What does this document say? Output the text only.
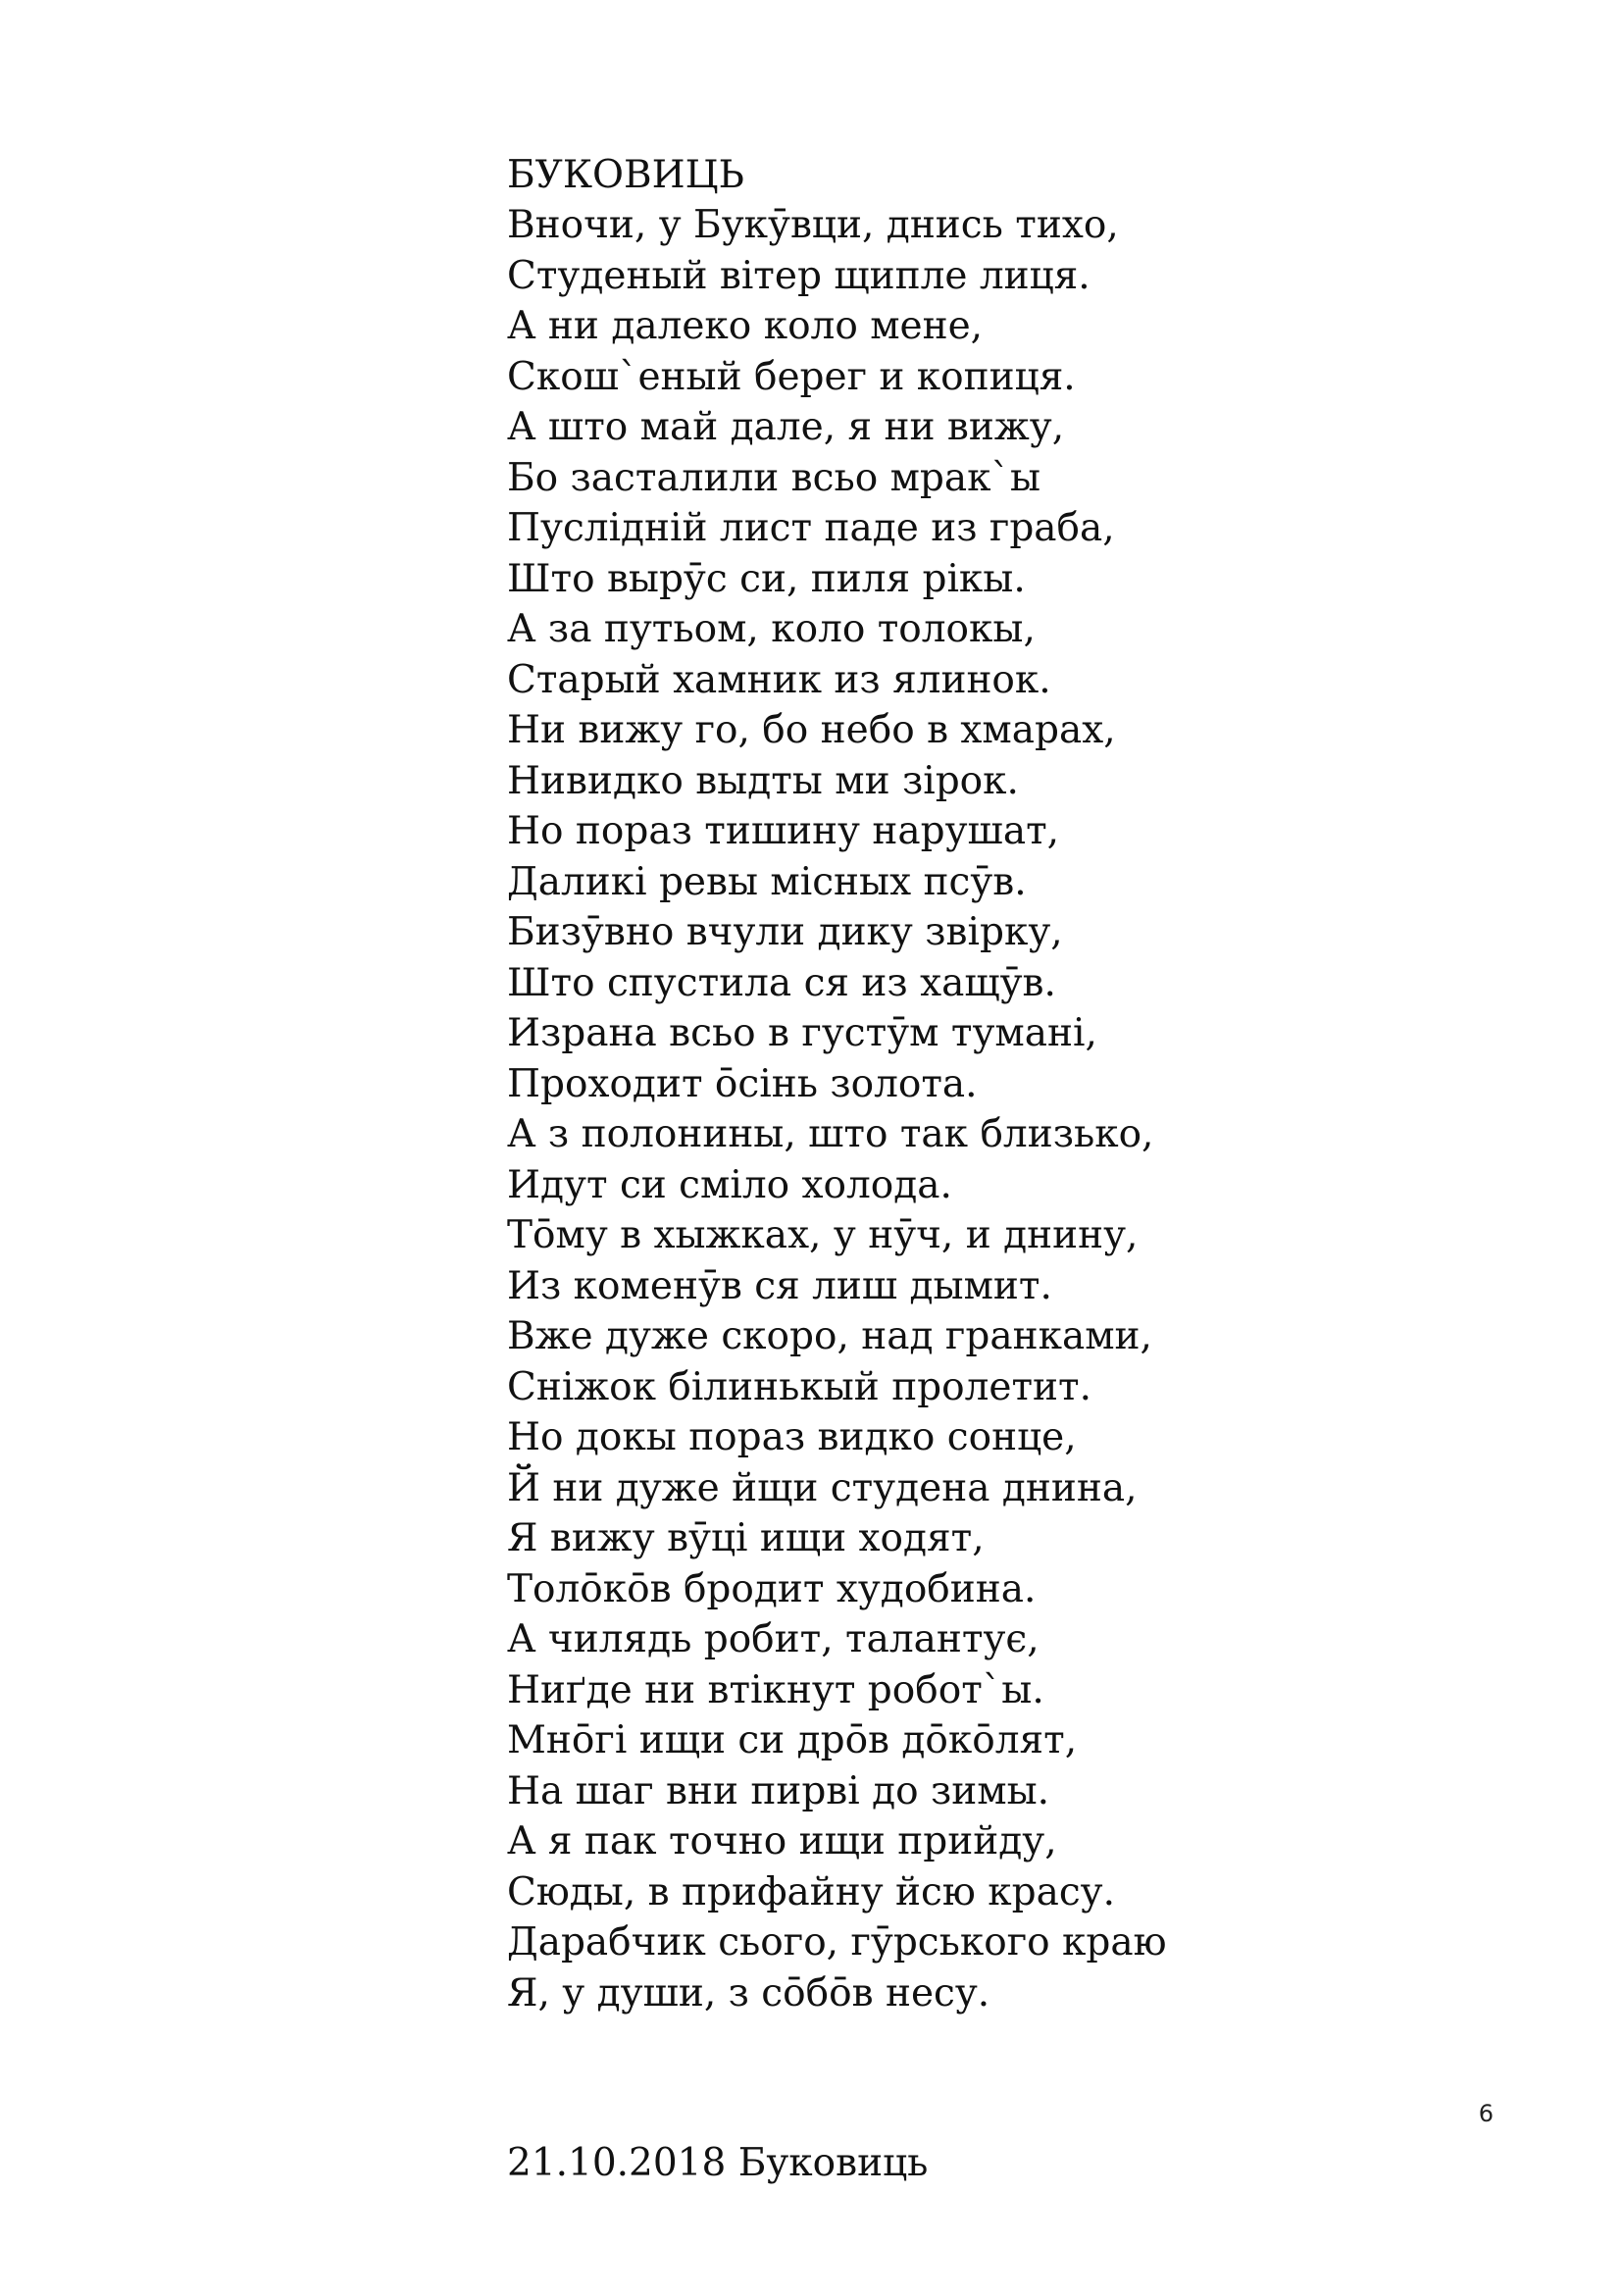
БУКОВИЦЬ
Вночи, у Букӯвци, днись тихо,
Студеный вітер щипле лиця.
А ни далеко коло мене,
Скош`еный берег и копиця.
А што май дале, я ни вижу,
Бо засталили всьо мрак`ы
Пуслідній лист паде из граба,
Што вырӯс си, пиля рікы.
А за путьом, коло толокы,
Старый хамник из ялинок.
Ни вижу го, бо небо в хмарах,
Нивидко выдты ми зірок.
Но пораз тишину нарушат,
Даликі ревы місных псӯв.
Бизӯвно вчули дику звірку,
Што спустила ся из хащӯв.
Израна всьо в густӯм тумані,
Проходит ōсінь золота.
А з полонины, што так близько,
Идут си сміло холода.
Тōму в хыжках, у нӯч, и днину,
Из коменӯв ся лиш дымит.
Вже дуже скоро, над гранками,
Сніжок білинькый пролетит.
Но докы пораз видко сонце,
Й ни дуже йщи студена днина,
Я вижу вӯці ищи ходят,
Толōкōв бродит худобина.
А чилядь робит, талантує,
Ниґде ни втікнут робот`ы.
Мнōгі ищи си дрōв дōкōлят,
На шаг вни пирві до зимы.
А я пак точно ищи прийду,
Сюды, в прифайну йсю красу.
Дарабчик сього, гӯрського краю
Я, у души, з сōбōв несу.
21.10.2018 Буковиць
6
